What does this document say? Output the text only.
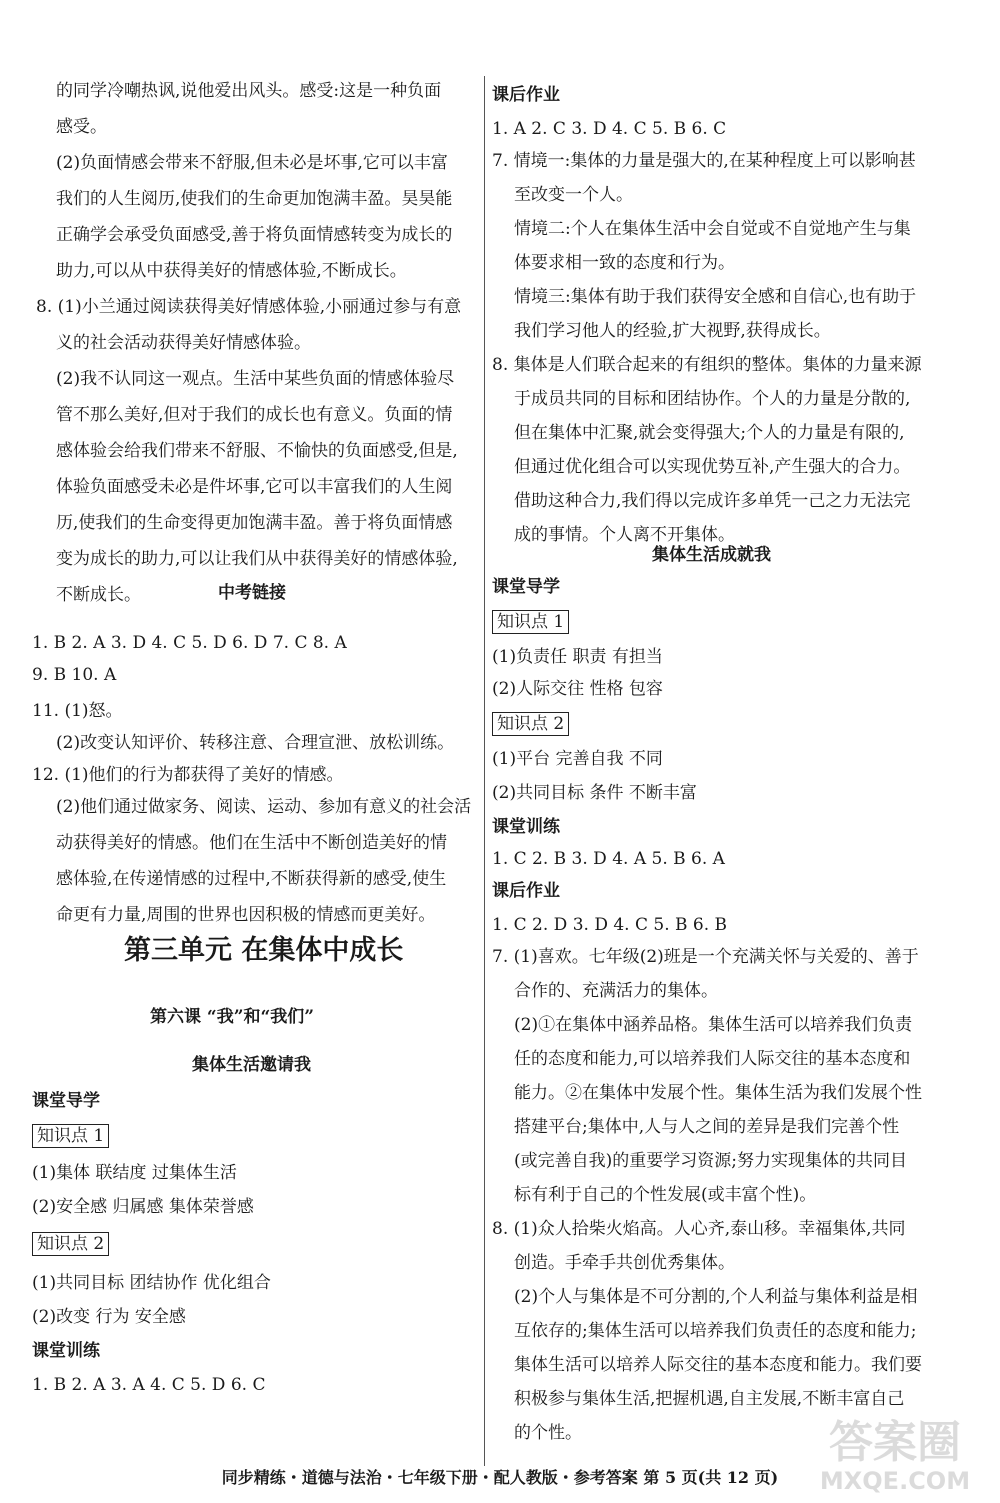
的同学冷嘲热讽,说他爱出风头。感受:这是一种负面
感受。
(2)负面情感会带来不舒服,但未必是坏事,它可以丰富
我们的人生阅历,使我们的生命更加饱满丰盈。昊昊能
正确学会承受负面感受,善于将负面情感转变为成长的
助力,可以从中获得美好的情感体验,不断成长。
8. (1)小兰通过阅读获得美好情感体验,小丽通过参与有意
义的社会活动获得美好情感体验。
(2)我不认同这一观点。生活中某些负面的情感体验尽
管不那么美好,但对于我们的成长也有意义。负面的情
感体验会给我们带来不舒服、不愉快的负面感受,但是,
体验负面感受未必是件坏事,它可以丰富我们的人生阅
历,使我们的生命变得更加饱满丰盈。善于将负面情感
变为成长的助力,可以让我们从中获得美好的情感体验,
不断成长。	中考链接
1. B 2. A 3. D 4. C 5. D 6. D 7. C 8. A
9. B 10. A
11. (1)怒。
(2)改变认知评价、转移注意、合理宣泄、放松训练。
12. (1)他们的行为都获得了美好的情感。
(2)他们通过做家务、阅读、运动、参加有意义的社会活
动获得美好的情感。他们在生活中不断创造美好的情
感体验,在传递情感的过程中,不断获得新的感受,使生
命更有力量,周围的世界也因积极的情感而更美好。
第三单元 在集体中成长
第六课 “我”和“我们”
集体生活邀请我
课堂导学
知识点 1
(1)集体 联结度 过集体生活
(2)安全感 归属感 集体荣誉感
知识点 2
(1)共同目标 团结协作 优化组合
(2)改变 行为 安全感
课堂训练
1. B 2. A 3. A 4. C 5. D 6. C
课后作业
1. A 2. C 3. D 4. C 5. B 6. C
7. 情境一:集体的力量是强大的,在某种程度上可以影响甚
至改变一个人。
情境二:个人在集体生活中会自觉或不自觉地产生与集
体要求相一致的态度和行为。
情境三:集体有助于我们获得安全感和自信心,也有助于
我们学习他人的经验,扩大视野,获得成长。
8. 集体是人们联合起来的有组织的整体。集体的力量来源
于成员共同的目标和团结协作。个人的力量是分散的,
但在集体中汇聚,就会变得强大;个人的力量是有限的,
但通过优化组合可以实现优势互补,产生强大的合力。
借助这种合力,我们得以完成许多单凭一己之力无法完
成的事情。个人离不开集体。
集体生活成就我
课堂导学
知识点 1
(1)负责任 职责 有担当
(2)人际交往 性格 包容
知识点 2
(1)平台 完善自我 不同
(2)共同目标 条件 不断丰富
课堂训练
1. C 2. B 3. D 4. A 5. B 6. A
课后作业
1. C 2. D 3. D 4. C 5. B 6. B
7. (1)喜欢。七年级(2)班是一个充满关怀与关爱的、善于
合作的、充满活力的集体。
(2)①在集体中涵养品格。集体生活可以培养我们负责
任的态度和能力,可以培养我们人际交往的基本态度和
能力。②在集体中发展个性。集体生活为我们发展个性
搭建平台;集体中,人与人之间的差异是我们完善个性
(或完善自我)的重要学习资源;努力实现集体的共同目
标有利于自己的个性发展(或丰富个性)。
8. (1)众人拾柴火焰高。人心齐,泰山移。幸福集体,共同
创造。手牵手共创优秀集体。
(2)个人与集体是不可分割的,个人利益与集体利益是相
互依存的;集体生活可以培养我们负责任的态度和能力;
集体生活可以培养人际交往的基本态度和能力。我们要
积极参与集体生活,把握机遇,自主发展,不断丰富自己
的个性。
同步精练・道德与法治・七年级下册・配人教版・参考答案 第 5 页(共 12 页)
答案圈
MXQE.COM
